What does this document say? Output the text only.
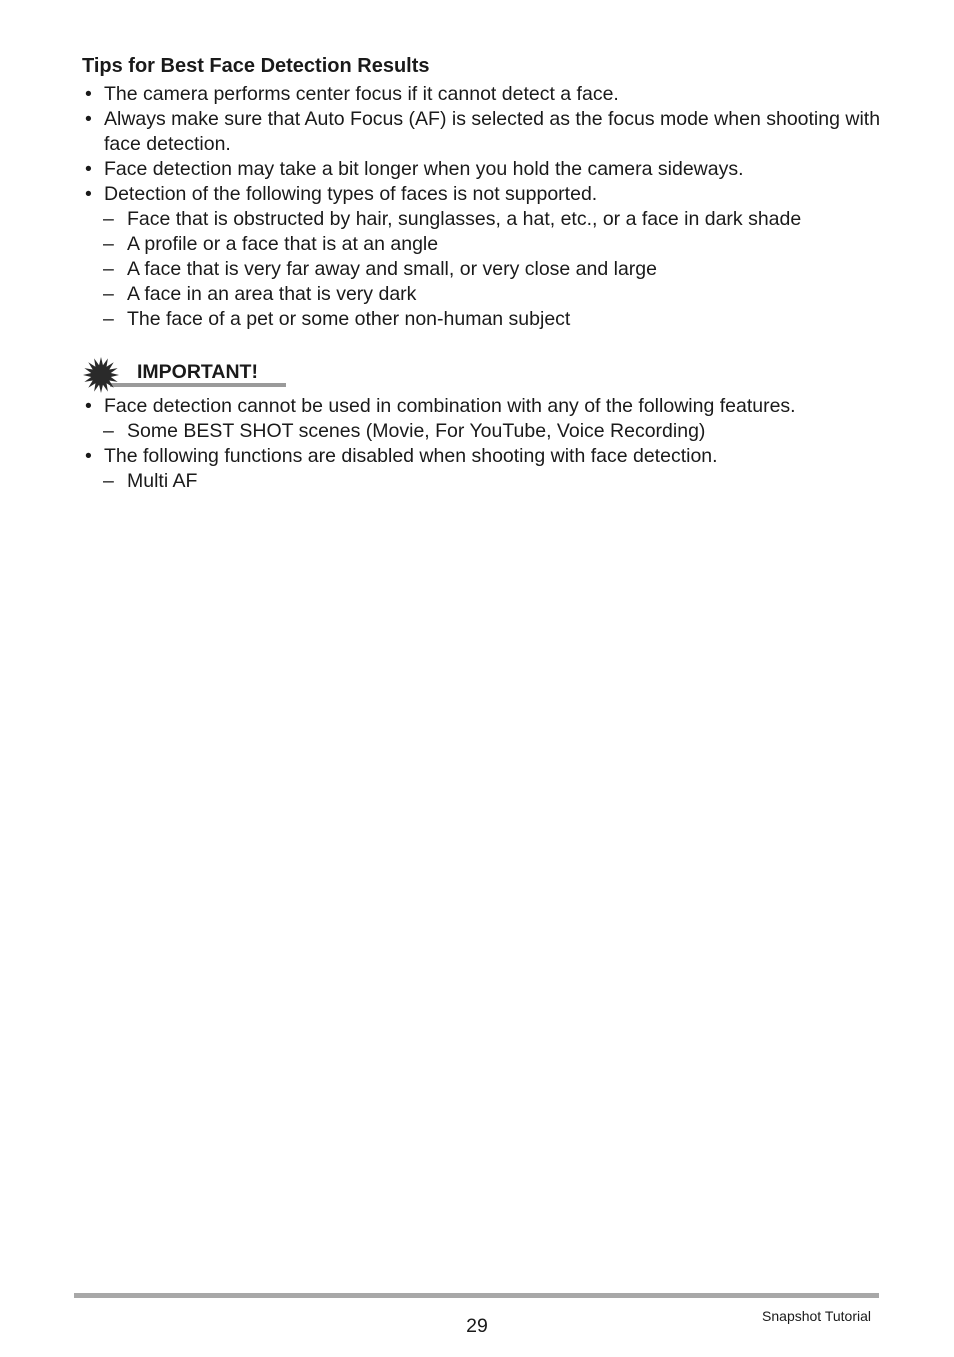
Tips for Best Face Detection Results
• The camera performs center focus if it cannot detect a face.
• Always make sure that Auto Focus (AF) is selected as the focus mode when shooting with face detection.
• Face detection may take a bit longer when you hold the camera sideways.
• Detection of the following types of faces is not supported.
– Face that is obstructed by hair, sunglasses, a hat, etc., or a face in dark shade
– A profile or a face that is at an angle
– A face that is very far away and small, or very close and large
– A face in an area that is very dark
– The face of a pet or some other non-human subject
IMPORTANT!
• Face detection cannot be used in combination with any of the following features.
– Some BEST SHOT scenes (Movie, For YouTube, Voice Recording)
• The following functions are disabled when shooting with face detection.
– Multi AF
29	Snapshot Tutorial
